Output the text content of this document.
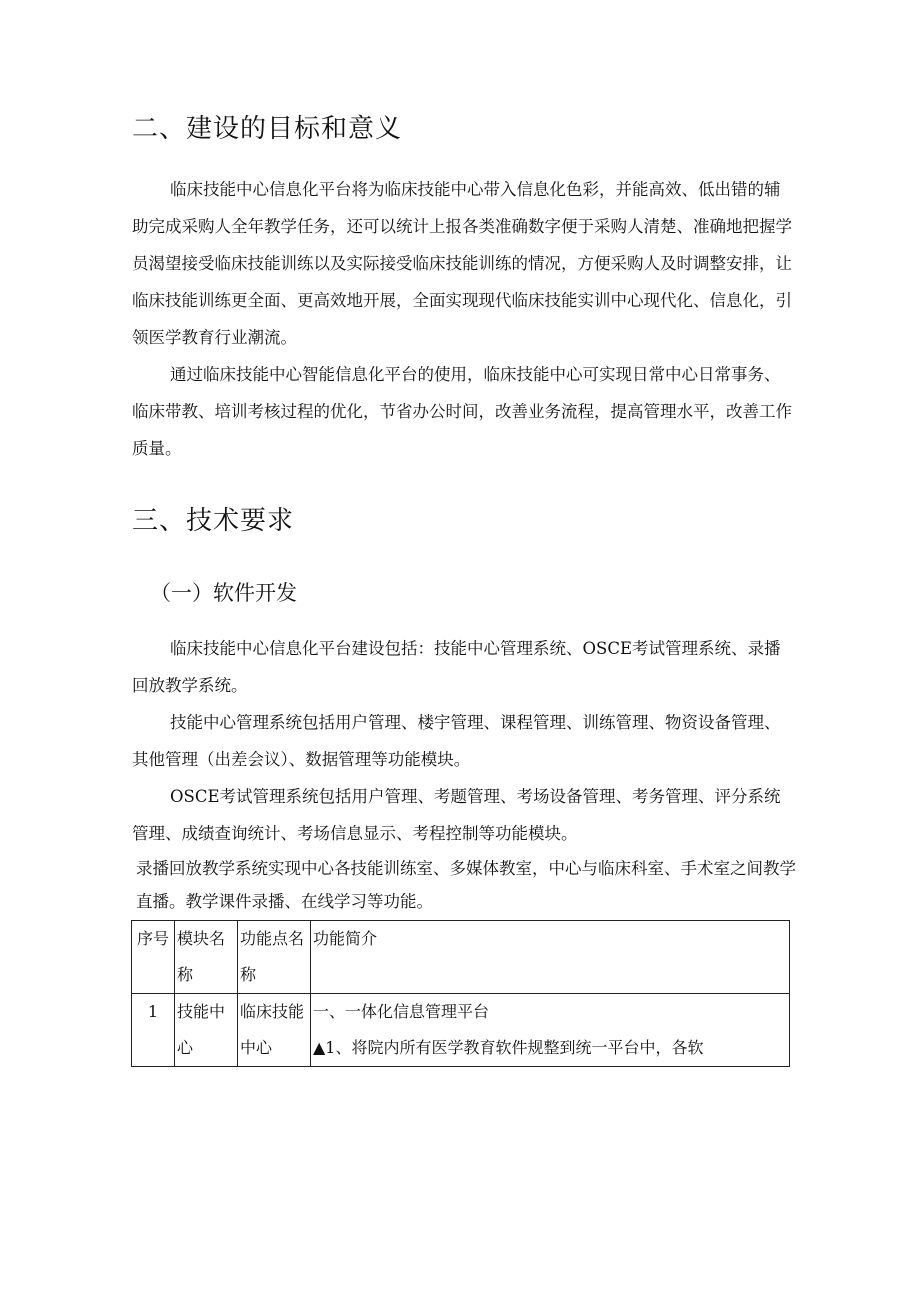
二、建设的目标和意义

临床技能中心信息化平台将为临床技能中心带入信息化色彩，并能高效、低出错的辅助完成采购人全年教学任务，还可以统计上报各类准确数字便于采购人清楚、准确地把握学员渴望接受临床技能训练以及实际接受临床技能训练的情况，方便采购人及时调整安排，让临床技能训练更全面、更高效地开展，全面实现现代临床技能实训中心现代化、信息化，引领医学教育行业潮流。

通过临床技能中心智能信息化平台的使用，临床技能中心可实现日常中心日常事务、临床带教、培训考核过程的优化，节省办公时间，改善业务流程，提高管理水平，改善工作质量。

三、技术要求
（一）软件开发

临床技能中心信息化平台建设包括：技能中心管理系统、OSCE考试管理系统、录播回放教学系统。

技能中心管理系统包括用户管理、楼宇管理、课程管理、训练管理、物资设备管理、其他管理（出差会议）、数据管理等功能模块。

OSCE考试管理系统包括用户管理、考题管理、考场设备管理、考务管理、评分系统管理、成绩查询统计、考场信息显示、考程控制等功能模块。

录播回放教学系统实现中心各技能训练室、多媒体教室，中心与临床科室、手术室之间教学直播。教学课件录播、在线学习等功能。

序号	模块名称	功能点名称	功能简介
1	技能中心	临床技能中心	一、一体化信息管理平台
▲1、将院内所有医学教育软件规整到统一平台中，各软
